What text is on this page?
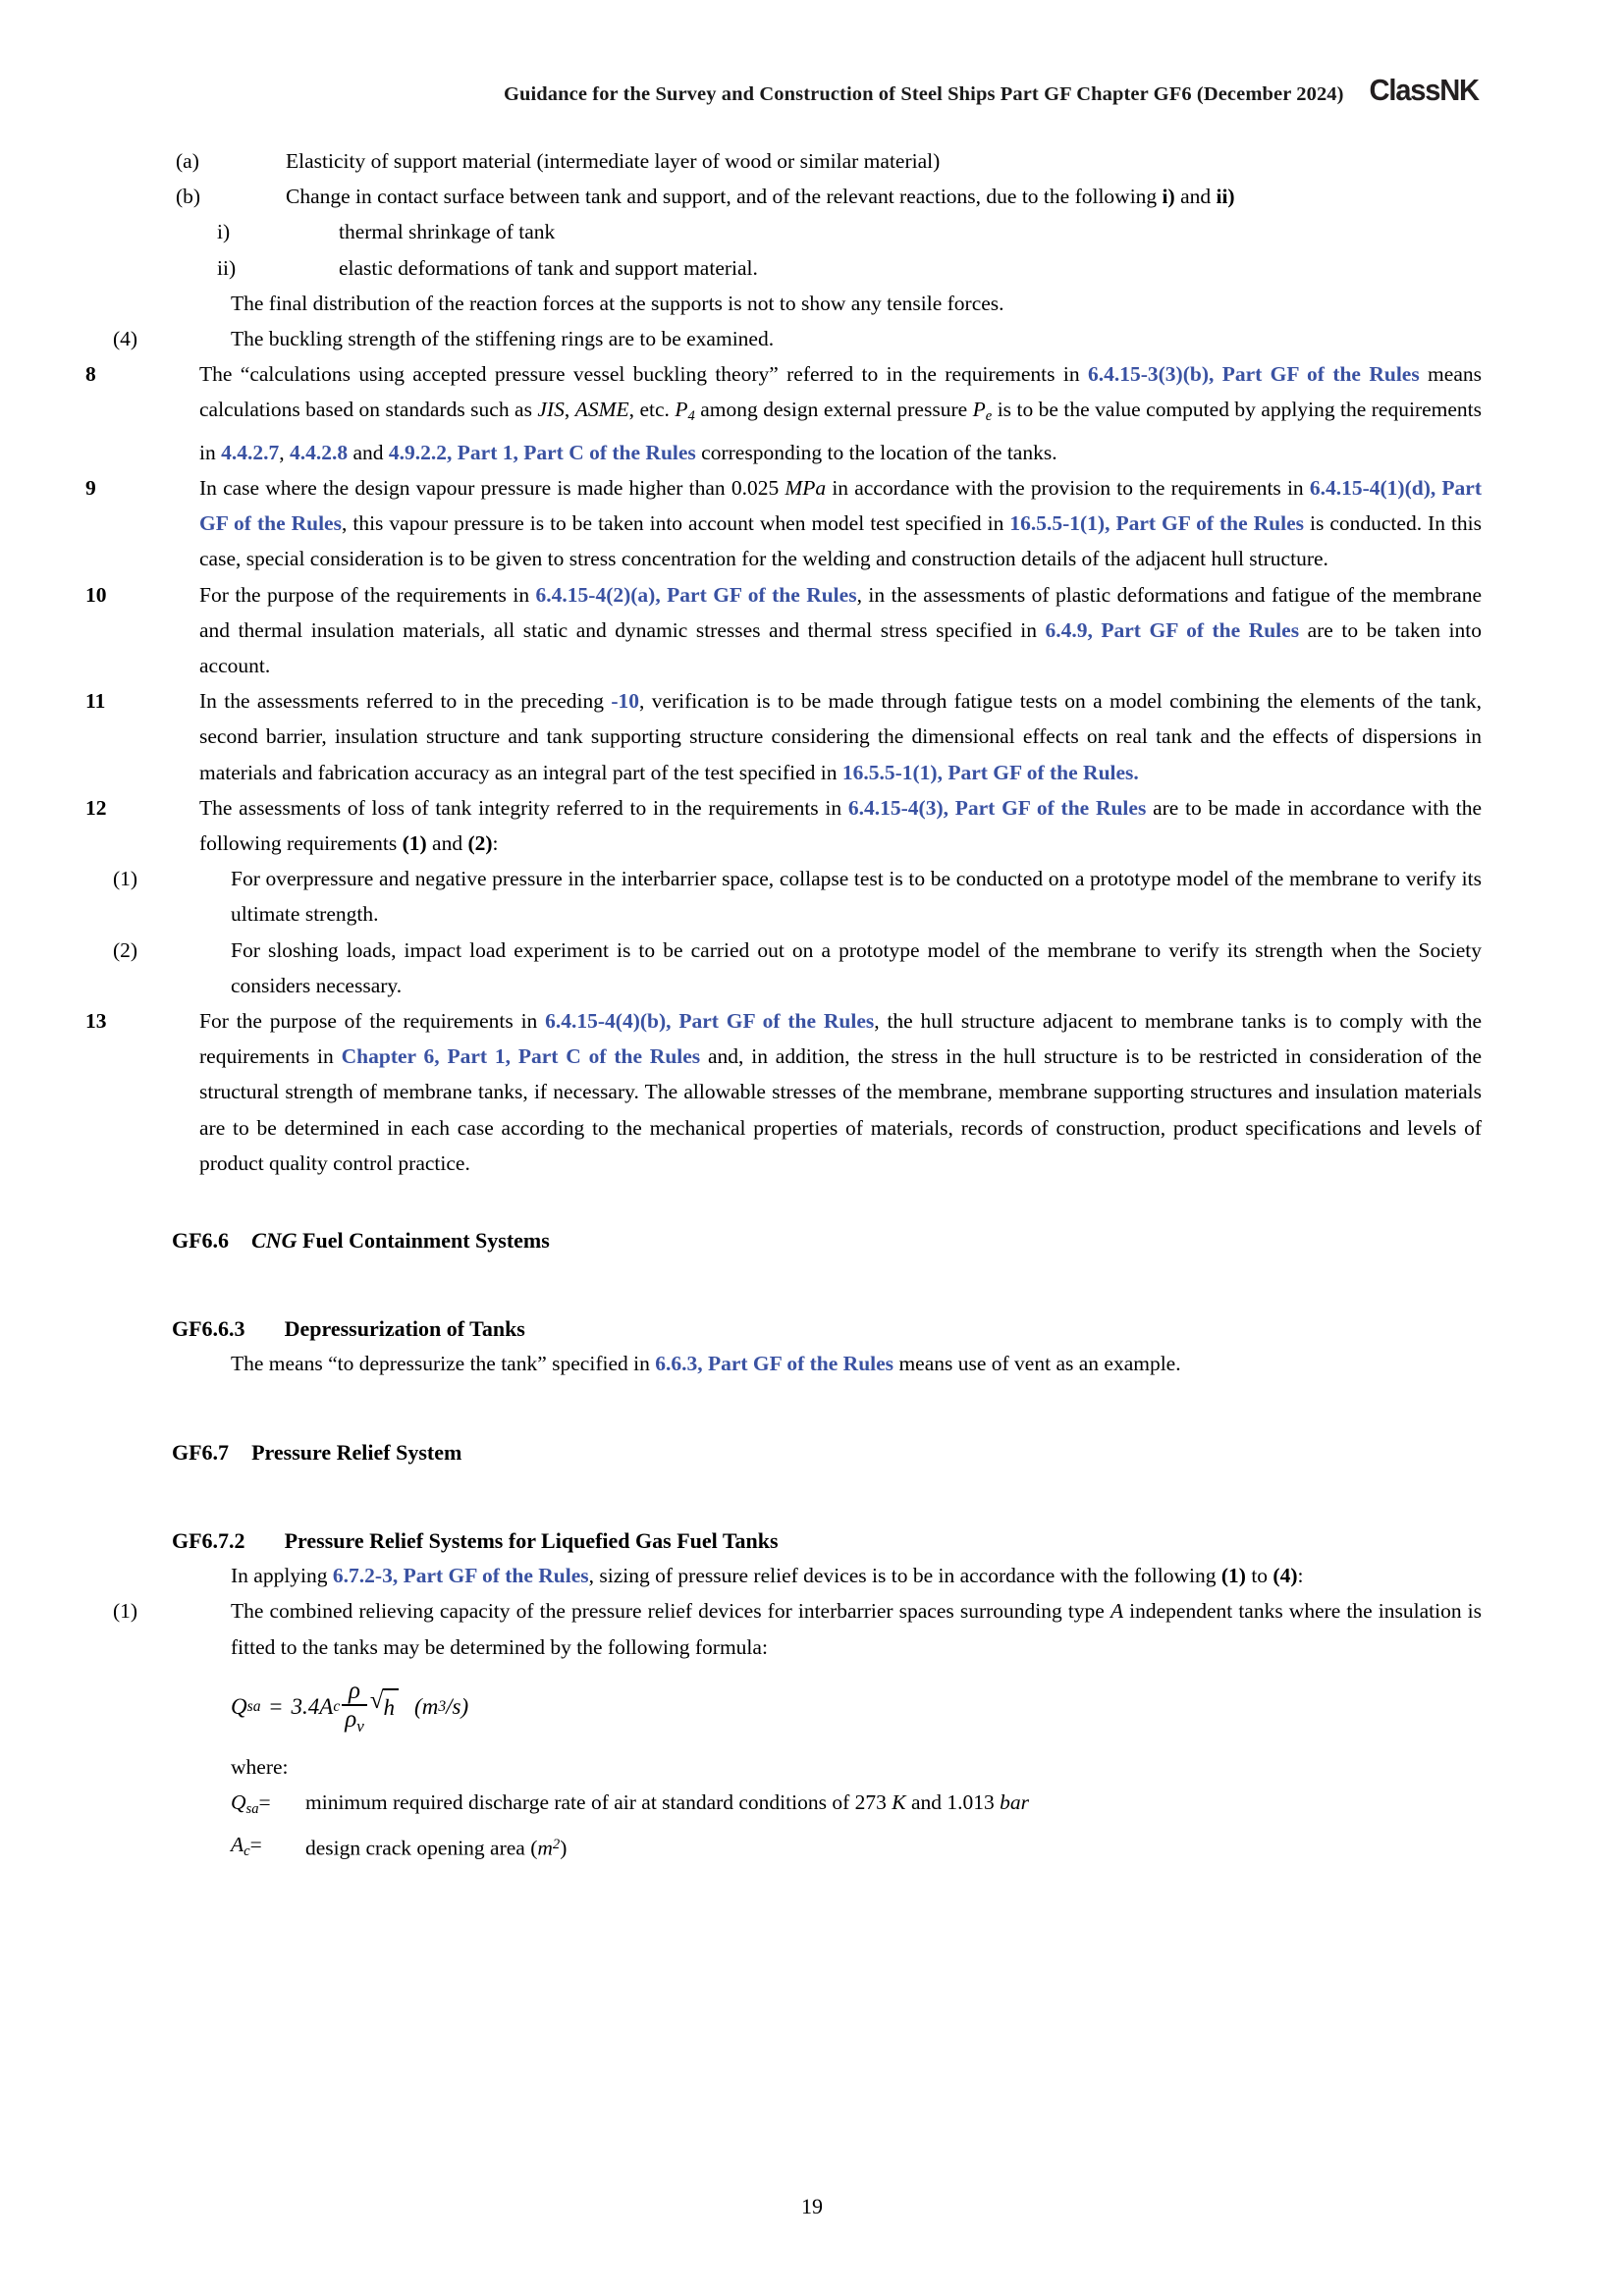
Guidance for the Survey and Construction of Steel Ships Part GF Chapter GF6 (December 2024) ClassNK
(a)	Elasticity of support material (intermediate layer of wood or similar material)
(b)	Change in contact surface between tank and support, and of the relevant reactions, due to the following i) and ii)
i)	thermal shrinkage of tank
ii)	elastic deformations of tank and support material.
The final distribution of the reaction forces at the supports is not to show any tensile forces.
(4)	The buckling strength of the stiffening rings are to be examined.
8	The “calculations using accepted pressure vessel buckling theory” referred to in the requirements in 6.4.15-3(3)(b), Part GF of the Rules means calculations based on standards such as JIS, ASME, etc. $P_4$ among design external pressure $P_e$ is to be the value computed by applying the requirements in 4.4.2.7, 4.4.2.8 and 4.9.2.2, Part 1, Part C of the Rules corresponding to the location of the tanks.
9	In case where the design vapour pressure is made higher than 0.025 MPa in accordance with the provision to the requirements in 6.4.15-4(1)(d), Part GF of the Rules, this vapour pressure is to be taken into account when model test specified in 16.5.5-1(1), Part GF of the Rules is conducted. In this case, special consideration is to be given to stress concentration for the welding and construction details of the adjacent hull structure.
10	For the purpose of the requirements in 6.4.15-4(2)(a), Part GF of the Rules, in the assessments of plastic deformations and fatigue of the membrane and thermal insulation materials, all static and dynamic stresses and thermal stress specified in 6.4.9, Part GF of the Rules are to be taken into account.
11	In the assessments referred to in the preceding -10, verification is to be made through fatigue tests on a model combining the elements of the tank, second barrier, insulation structure and tank supporting structure considering the dimensional effects on real tank and the effects of dispersions in materials and fabrication accuracy as an integral part of the test specified in 16.5.5-1(1), Part GF of the Rules.
12	The assessments of loss of tank integrity referred to in the requirements in 6.4.15-4(3), Part GF of the Rules are to be made in accordance with the following requirements (1) and (2):
(1)	For overpressure and negative pressure in the interbarrier space, collapse test is to be conducted on a prototype model of the membrane to verify its ultimate strength.
(2)	For sloshing loads, impact load experiment is to be carried out on a prototype model of the membrane to verify its strength when the Society considers necessary.
13	For the purpose of the requirements in 6.4.15-4(4)(b), Part GF of the Rules, the hull structure adjacent to membrane tanks is to comply with the requirements in Chapter 6, Part 1, Part C of the Rules and, in addition, the stress in the hull structure is to be restricted in consideration of the structural strength of membrane tanks, if necessary. The allowable stresses of the membrane, membrane supporting structures and insulation materials are to be determined in each case according to the mechanical properties of materials, records of construction, product specifications and levels of product quality control practice.
GF6.6 CNG Fuel Containment Systems
GF6.6.3 Depressurization of Tanks
The means “to depressurize the tank” specified in 6.6.3, Part GF of the Rules means use of vent as an example.
GF6.7 Pressure Relief System
GF6.7.2 Pressure Relief Systems for Liquefied Gas Fuel Tanks
In applying 6.7.2-3, Part GF of the Rules, sizing of pressure relief devices is to be in accordance with the following (1) to (4):
(1)	The combined relieving capacity of the pressure relief devices for interbarrier spaces surrounding type A independent tanks where the insulation is fitted to the tanks may be determined by the following formula:
Q sa = 3.4 A c $\frac{\rho}{\rho_v}$ √ h ( m 3 /s )
where:
$Q_{sa}=$	minimum required discharge rate of air at standard conditions of 273 K and 1.013 bar
$A_c=$	design crack opening area $(m^2)$
19
